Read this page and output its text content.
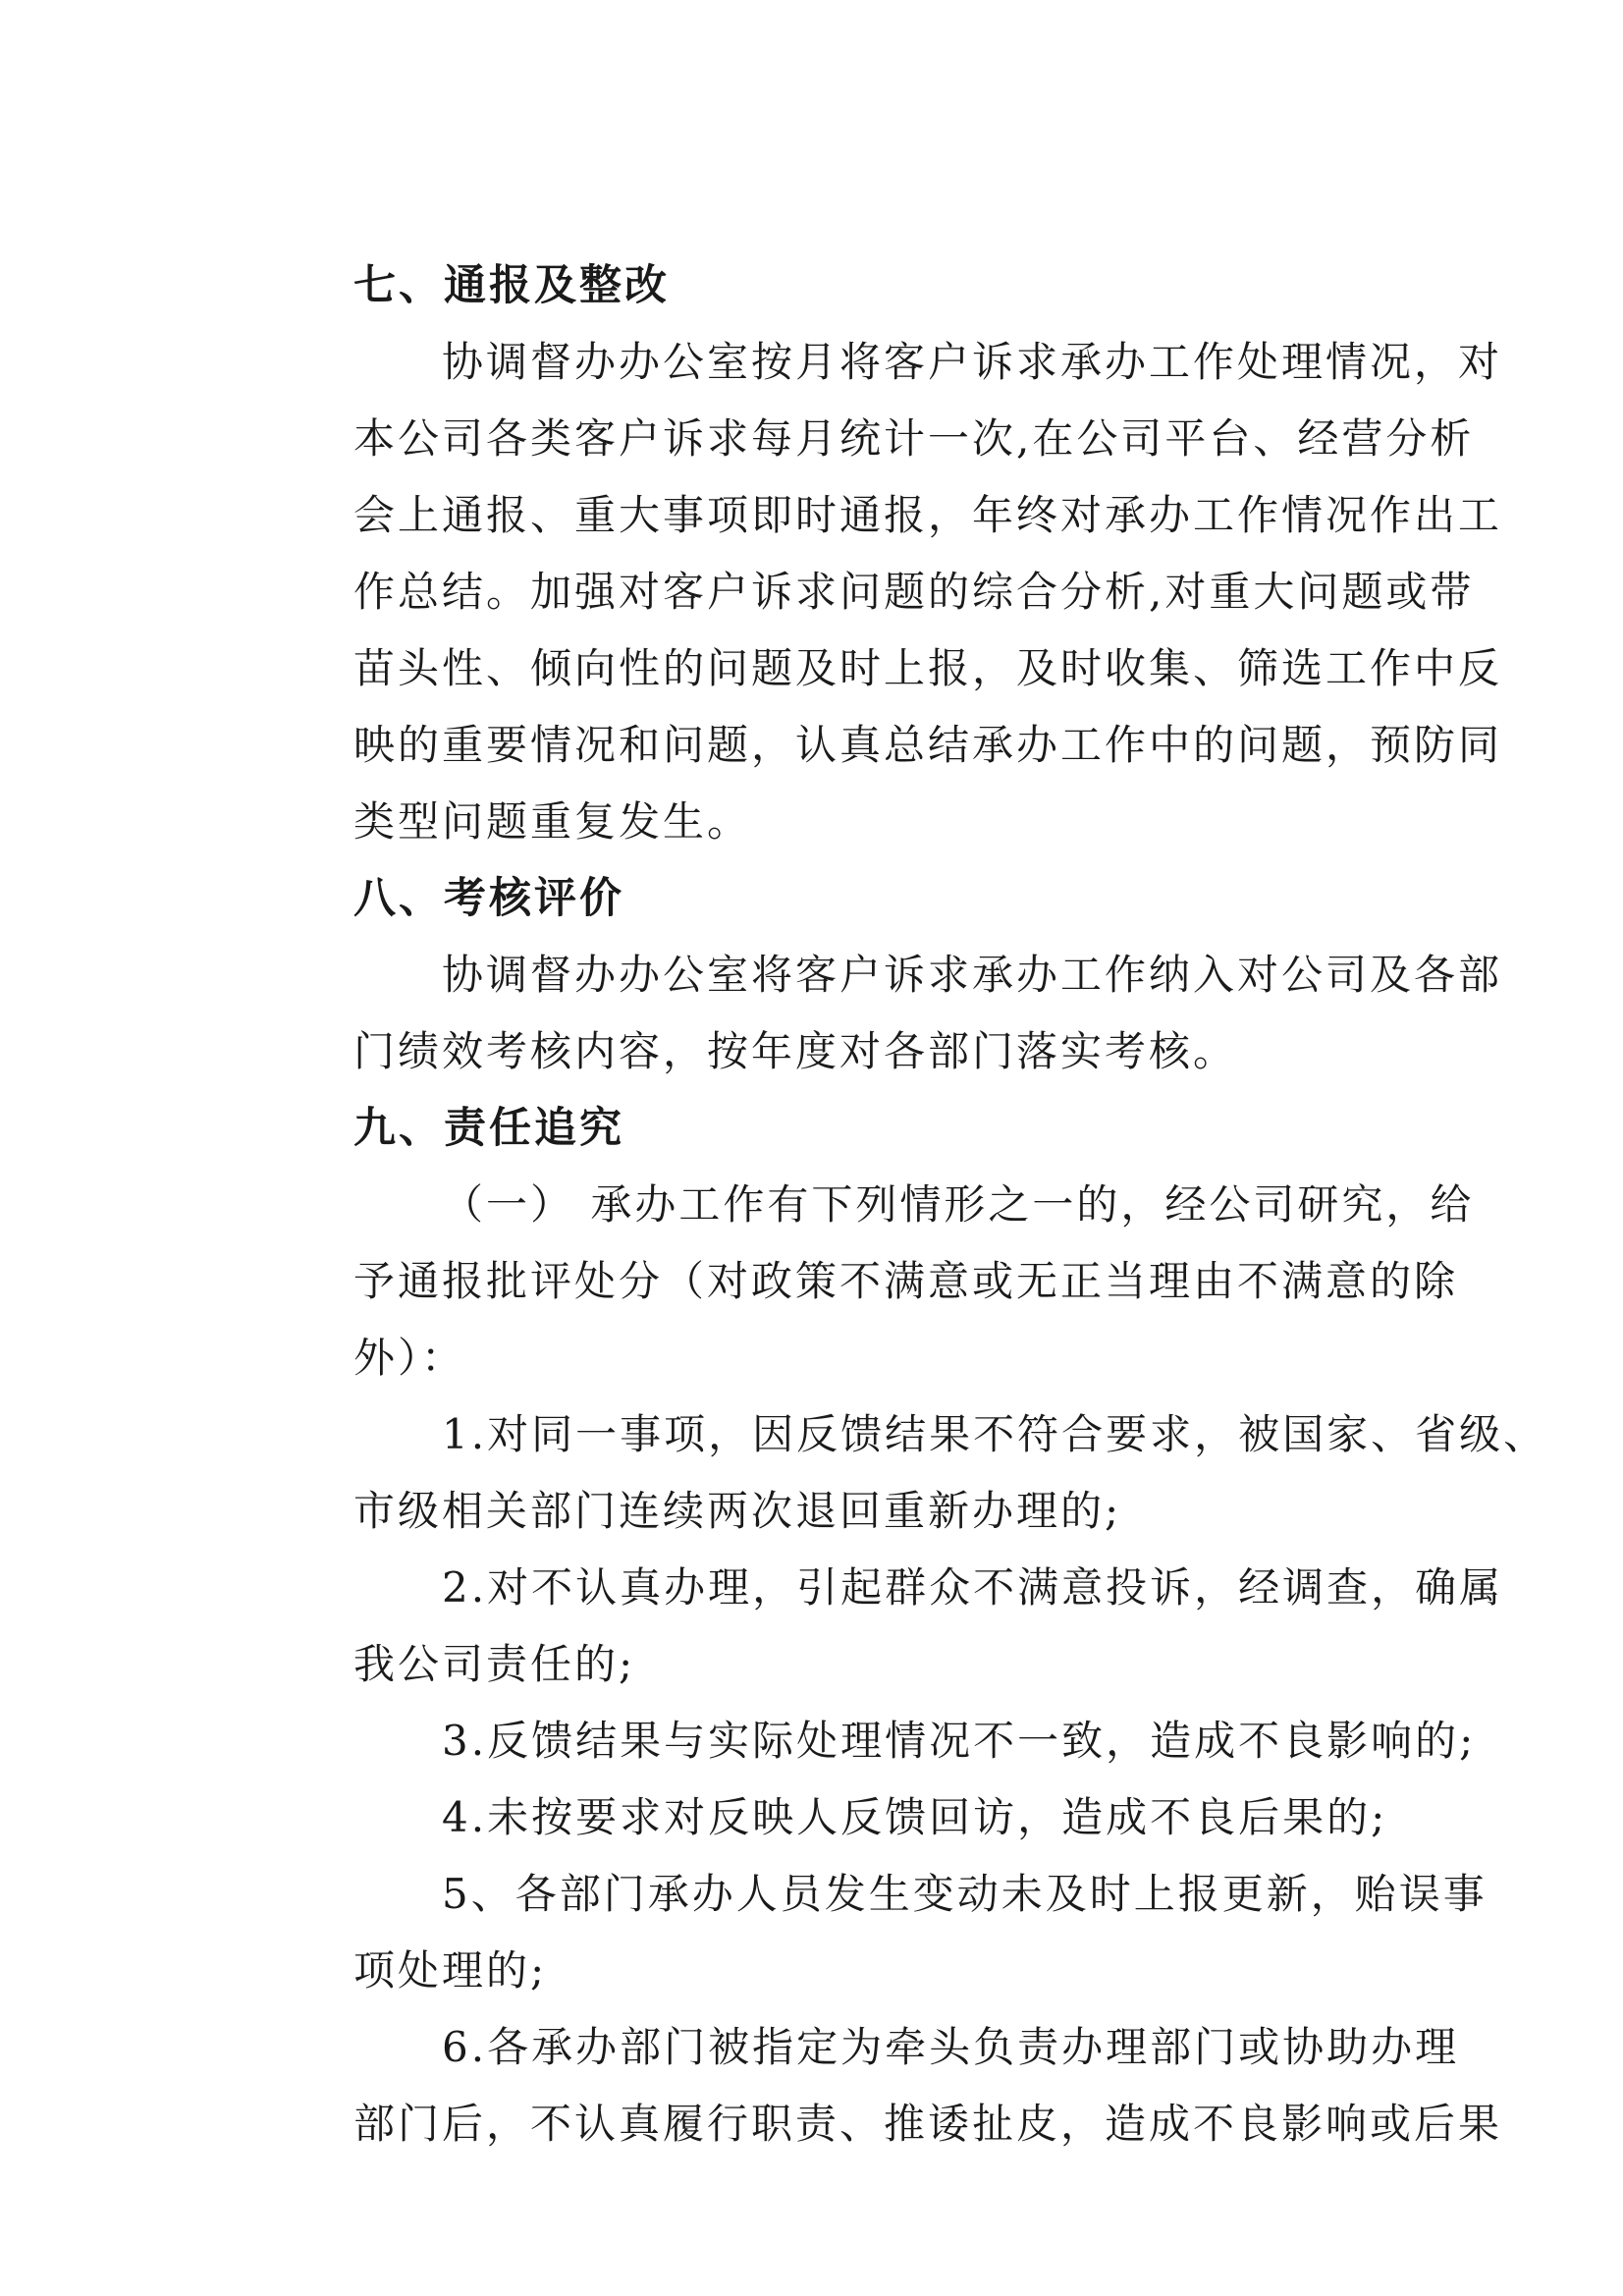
七、通报及整改
协调督办办公室按月将客户诉求承办工作处理情况，对
本公司各类客户诉求每月统计一次,在公司平台、经营分析
会上通报、重大事项即时通报，年终对承办工作情况作出工
作总结。加强对客户诉求问题的综合分析,对重大问题或带
苗头性、倾向性的问题及时上报，及时收集、筛选工作中反
映的重要情况和问题，认真总结承办工作中的问题，预防同
类型问题重复发生。
八、考核评价
协调督办办公室将客户诉求承办工作纳入对公司及各部
门绩效考核内容，按年度对各部门落实考核。
九、责任追究
（一） 承办工作有下列情形之一的，经公司研究，给
予通报批评处分（对政策不满意或无正当理由不满意的除
外）：
1.对同一事项，因反馈结果不符合要求，被国家、省级、
市级相关部门连续两次退回重新办理的;
2.对不认真办理，引起群众不满意投诉，经调查，确属
我公司责任的;
3.反馈结果与实际处理情况不一致，造成不良影响的;
4.未按要求对反映人反馈回访，造成不良后果的;
5、各部门承办人员发生变动未及时上报更新，贻误事
项处理的;
6.各承办部门被指定为牵头负责办理部门或协助办理
部门后，不认真履行职责、推诿扯皮，造成不良影响或后果
